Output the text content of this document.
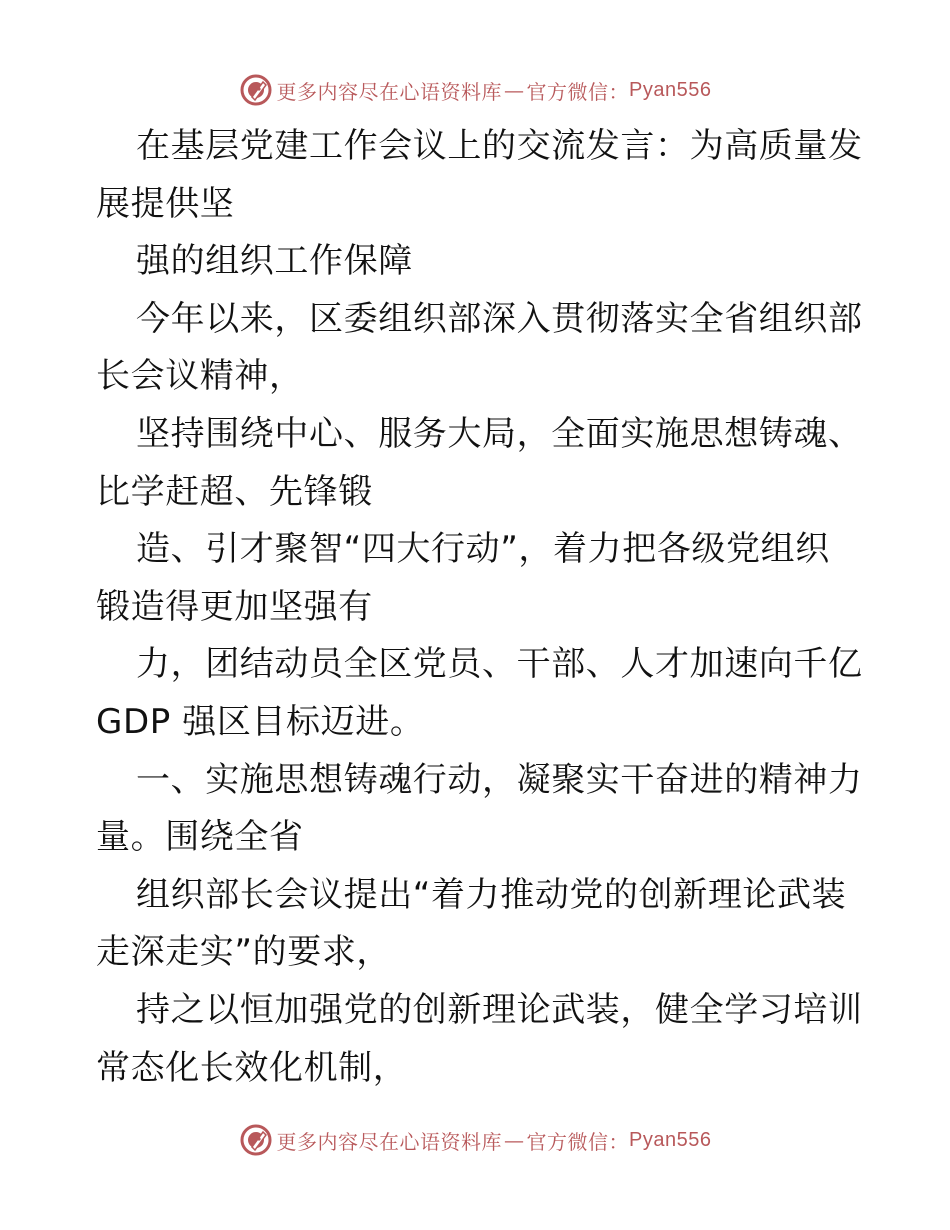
更多内容尽在心语资料库 — 官方微信： Pyan556
在基层党建工作会议上的交流发言：为高质量发
展提供坚
强的组织工作保障
今年以来，区委组织部深入贯彻落实全省组织部
长会议精神，
坚持围绕中心、服务大局，全面实施思想铸魂、
比学赶超、先锋锻
造、引才聚智“四大行动”，着力把各级党组织
锻造得更加坚强有
力，团结动员全区党员、干部、人才加速向千亿
GDP 强区目标迈进。
一、实施思想铸魂行动，凝聚实干奋进的精神力
量。围绕全省
组织部长会议提出“着力推动党的创新理论武装
走深走实”的要求，
持之以恒加强党的创新理论武装，健全学习培训
常态化长效化机制，
更多内容尽在心语资料库 — 官方微信： Pyan556
